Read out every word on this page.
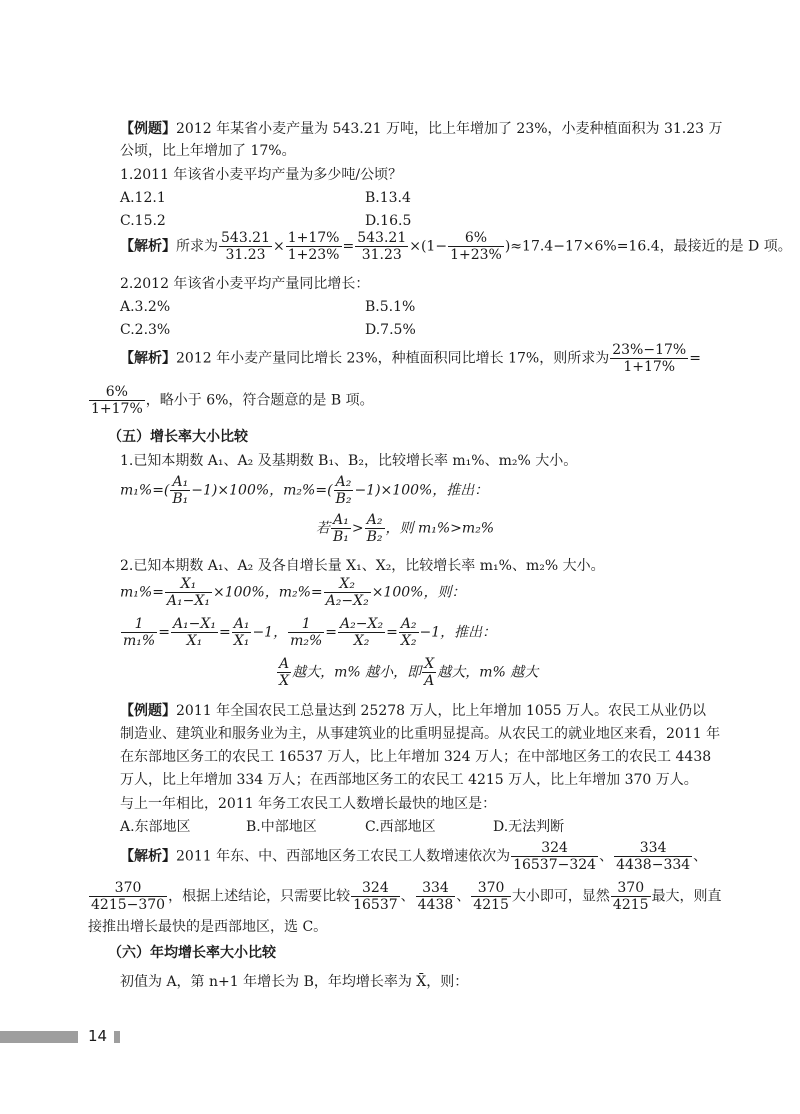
【例题】2012 年某省小麦产量为 543.21 万吨，比上年增加了 23%，小麦种植面积为 31.23 万
公顷，比上年增加了 17%。
1.2011 年该省小麦平均产量为多少吨/公顷？
A.12.1	B.13.4
C.15.2	D.16.5
【解析】所求为 $\frac{543.21}{31.23} \times \frac{1+17\%}{1+23\%} = \frac{543.21}{31.23} \times(1- \frac{6\%}{1+23\%} )\approx 17.4-17\times 6\%=16.4$，最接近的是 D 项。
2.2012 年该省小麦平均产量同比增长：
A.3.2%	B.5.1%
C.2.3%	D.7.5%
【解析】2012 年小麦产量同比增长 23%，种植面积同比增长 17%，则所求为 $\frac{23\%-17\%}{1+17\%}$ =
$\frac{6\%}{1+17\%}$ ，略小于 6%，符合题意的是 B 项。
（五）增长率大小比较
1.已知本期数 A₁、A₂ 及基期数 B₁、B₂，比较增长率 m₁%、m₂% 大小。
$m_1\%=( \frac{\text{A₁}}{\text{B₁}} -1)\times 100\%$，$m_2\%=( \frac{\text{A₂}}{\text{B₂}} -1)\times 100\%$，推出：
若 $\frac{\text{A₁}}{\text{B₁}} > \frac{\text{A₂}}{\text{B₂}}$ ，则 m₁%>m₂%
2.已知本期数 A₁、A₂ 及各自增长量 X₁、X₂，比较增长率 m₁%、m₂% 大小。
$m_1\%= \frac{\text{X₁}}{\text{A₁−X₁}} \times 100\%$，$m_2\%= \frac{\text{X₂}}{\text{A₂−X₂}} \times 100\%$，则：
$\frac{1}{\text{m₁\%}} = \frac{\text{A₁−X₁}}{\text{X₁}} = \frac{\text{A₁}}{\text{X₁}} -1$， $\frac{1}{\text{m₂\%}} = \frac{\text{A₂−X₂}}{\text{X₂}} = \frac{\text{A₂}}{\text{X₂}} -1$，推出：
$\frac{A}{X}$ 越大，m% 越小，即 $\frac{X}{A}$ 越大，m% 越大
【例题】2011 年全国农民工总量达到 25278 万人，比上年增加 1055 万人。农民工从业仍以
制造业、建筑业和服务业为主，从事建筑业的比重明显提高。从农民工的就业地区来看，2011 年
在东部地区务工的农民工 16537 万人，比上年增加 324 万人；在中部地区务工的农民工 4438
万人，比上年增加 334 万人；在西部地区务工的农民工 4215 万人，比上年增加 370 万人。
与上一年相比，2011 年务工农民工人数增长最快的地区是：
A.东部地区	B.中部地区	C.西部地区	D.无法判断
【解析】2011 年东、中、西部地区务工农民工人数增速依次为 $\frac{324}{16537-324}$ 、 $\frac{334}{4438-334}$ 、
$\frac{370}{4215-370}$ ，根据上述结论，只需要比较 $\frac{324}{16537}$ 、 $\frac{334}{4438}$ 、 $\frac{370}{4215}$ 大小即可，显然 $\frac{370}{4215}$ 最大，则直
接推出增长最快的是西部地区，选 C。
（六）年均增长率大小比较
初值为 A，第 n+1 年增长为 B，年均增长率为 X̄，则：
14
